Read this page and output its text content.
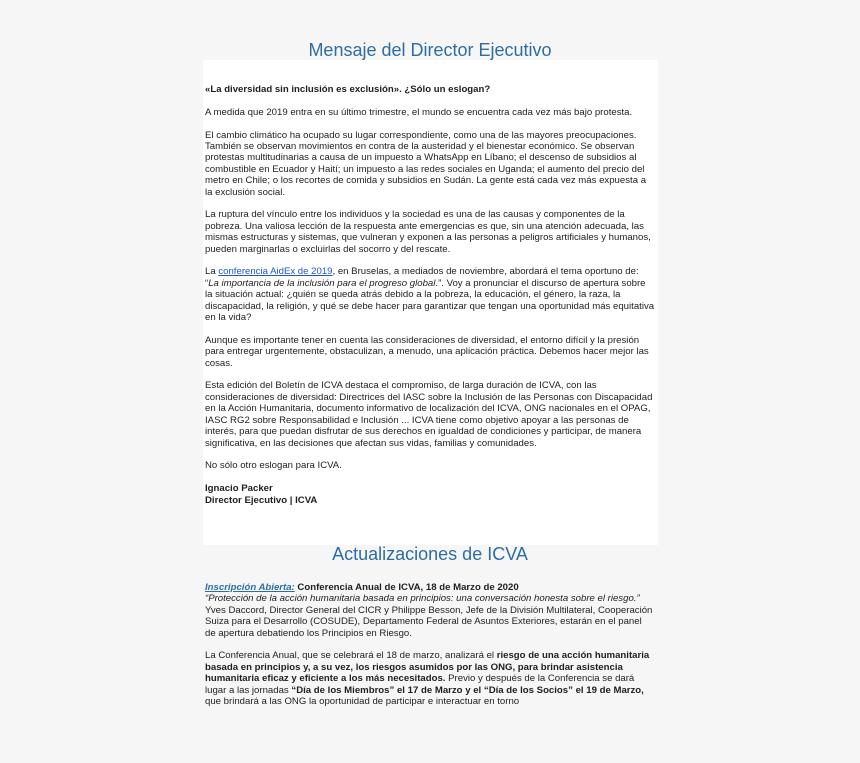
Mensaje del Director Ejecutivo

«La diversidad sin inclusión es exclusión». ¿Sólo un eslogan?

A medida que 2019 entra en su último trimestre, el mundo se encuentra cada vez más bajo protesta.

El cambio climático ha ocupado su lugar correspondiente, como una de las mayores preocupaciones. También se observan movimientos en contra de la austeridad y el bienestar económico. Se observan protestas multitudinarias a causa de un impuesto a WhatsApp en Líbano; el descenso de subsidios al combustible en Ecuador y Haití; un impuesto a las redes sociales en Uganda; el aumento del precio del metro en Chile; o los recortes de comida y subsidios en Sudán. La gente está cada vez más expuesta a la exclusión social.

La ruptura del vínculo entre los individuos y la sociedad es una de las causas y componentes de la pobreza. Una valiosa lección de la respuesta ante emergencias es que, sin una atención adecuada, las mismas estructuras y sistemas, que vulneran y exponen a las personas a peligros artificiales y humanos, pueden marginarlas o excluirlas del socorro y del rescate.

La conferencia AidEx de 2019, en Bruselas, a mediados de noviembre, abordará el tema oportuno de: “La importancia de la inclusión para el progreso global.”. Voy a pronunciar el discurso de apertura sobre la situación actual: ¿quién se queda atrás debido a la pobreza, la educación, el género, la raza, la discapacidad, la religión, y qué se debe hacer para garantizar que tengan una oportunidad más equitativa en la vida?

Aunque es importante tener en cuenta las consideraciones de diversidad, el entorno difícil y la presión para entregar urgentemente, obstaculizan, a menudo, una aplicación práctica. Debemos hacer mejor las cosas.

Esta edición del Boletín de ICVA destaca el compromiso, de larga duración de ICVA, con las consideraciones de diversidad: Directrices del IASC sobre la Inclusión de las Personas con Discapacidad en la Acción Humanitaria, documento informativo de localización del ICVA, ONG nacionales en el OPAG, IASC RG2 sobre Responsabilidad e Inclusión ... ICVA tiene como objetivo apoyar a las personas de interés, para que puedan disfrutar de sus derechos en igualdad de condiciones y participar, de manera significativa, en las decisiones que afectan sus vidas, familias y comunidades.

No sólo otro eslogan para ICVA.

Ignacio Packer

Director Ejecutivo | ICVA

Actualizaciones de ICVA

Inscripción Abierta: Conferencia Anual de ICVA, 18 de Marzo de 2020

“Protección de la acción humanitaria basada en principios: una conversación honesta sobre el riesgo.”

Yves Daccord, Director General del CICR y Philippe Besson, Jefe de la División Multilateral, Cooperación Suiza para el Desarrollo (COSUDE), Departamento Federal de Asuntos Exteriores, estarán en el panel de apertura debatiendo los Principios en Riesgo.

La Conferencia Anual, que se celebrará el 18 de marzo, analizará el riesgo de una acción humanitaria basada en principios y, a su vez, los riesgos asumidos por las ONG, para brindar asistencia humanitaria eficaz y eficiente a los más necesitados. Previo y después de la Conferencia se dará lugar a las jornadas “Día de los Miembros” el 17 de Marzo y el “Día de los Socios” el 19 de Marzo, que brindará a las ONG la oportunidad de participar e interactuar en torno
